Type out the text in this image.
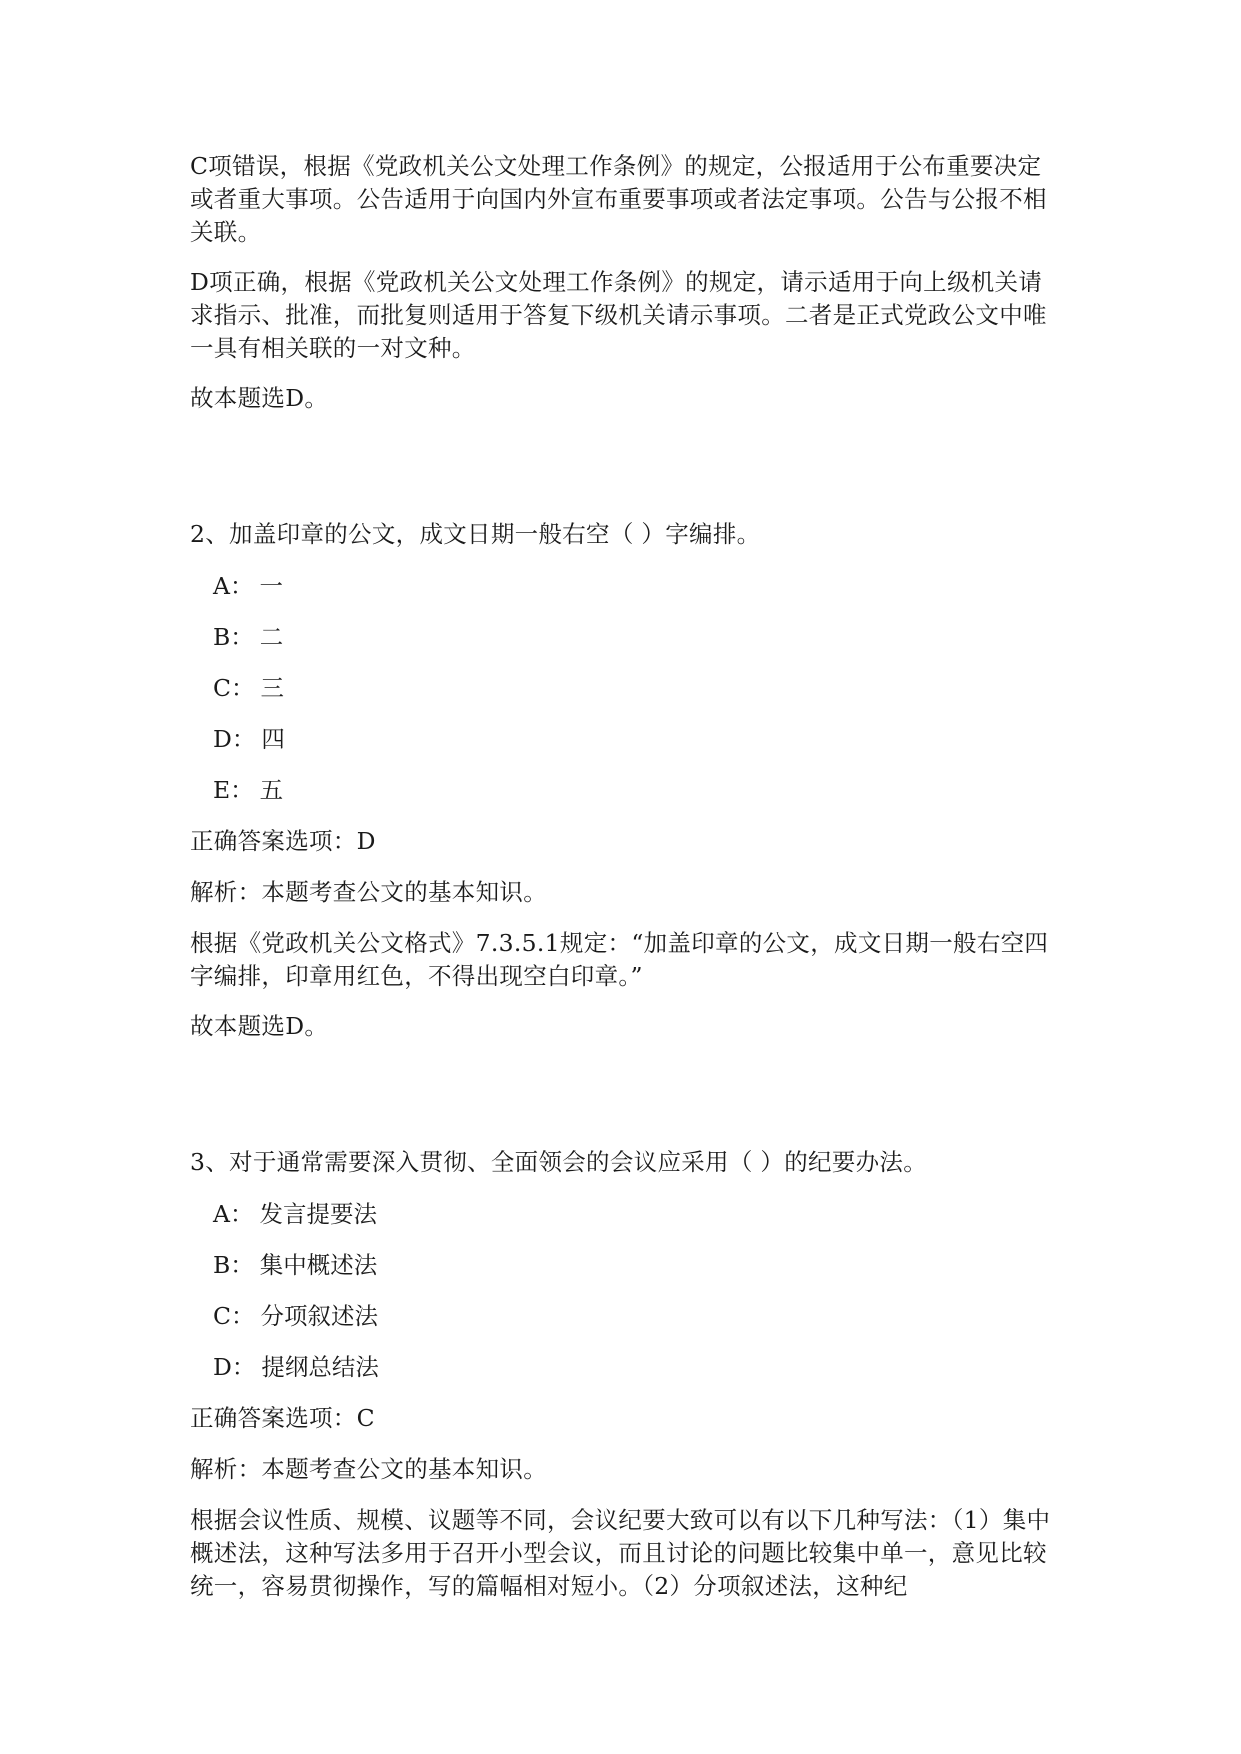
C项错误，根据《党政机关公文处理工作条例》的规定，公报适用于公布重要决定或者重大事项。公告适用于向国内外宣布重要事项或者法定事项。公告与公报不相关联。

D项正确，根据《党政机关公文处理工作条例》的规定，请示适用于向上级机关请求指示、批准，而批复则适用于答复下级机关请示事项。二者是正式党政公文中唯一具有相关联的一对文种。

故本题选D。

2、加盖印章的公文，成文日期一般右空（ ）字编排。

A： 一

B： 二

C： 三

D： 四

E： 五

正确答案选项：D

解析：本题考查公文的基本知识。

根据《党政机关公文格式》7.3.5.1规定：“加盖印章的公文，成文日期一般右空四字编排，印章用红色，不得出现空白印章。”

故本题选D。

3、对于通常需要深入贯彻、全面领会的会议应采用（ ）的纪要办法。

A： 发言提要法

B： 集中概述法

C： 分项叙述法

D： 提纲总结法

正确答案选项：C

解析：本题考查公文的基本知识。

根据会议性质、规模、议题等不同，会议纪要大致可以有以下几种写法：（1）集中概述法，这种写法多用于召开小型会议，而且讨论的问题比较集中单一，意见比较统一，容易贯彻操作，写的篇幅相对短小。（2）分项叙述法，这种纪
